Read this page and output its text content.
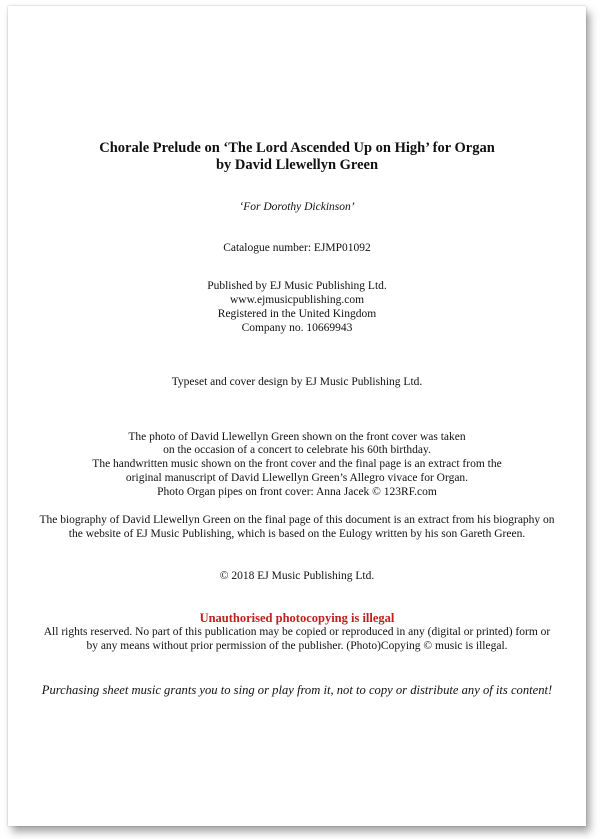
Chorale Prelude on ‘The Lord Ascended Up on High’ for Organ
by David Llewellyn Green
‘For Dorothy Dickinson’
Catalogue number: EJMP01092
Published by EJ Music Publishing Ltd.
www.ejmusicpublishing.com
Registered in the United Kingdom
Company no. 10669943
Typeset and cover design by EJ Music Publishing Ltd.
The photo of David Llewellyn Green shown on the front cover was taken
on the occasion of a concert to celebrate his 60th birthday.
The handwritten music shown on the front cover and the final page is an extract from the
original manuscript of David Llewellyn Green’s Allegro vivace for Organ.
Photo Organ pipes on front cover: Anna Jacek © 123RF.com
The biography of David Llewellyn Green on the final page of this document is an extract from his biography on
the website of EJ Music Publishing, which is based on the Eulogy written by his son Gareth Green.
© 2018 EJ Music Publishing Ltd.
Unauthorised photocopying is illegal
All rights reserved. No part of this publication may be copied or reproduced in any (digital or printed) form or
by any means without prior permission of the publisher. (Photo)Copying © music is illegal.
Purchasing sheet music grants you to sing or play from it, not to copy or distribute any of its content!
